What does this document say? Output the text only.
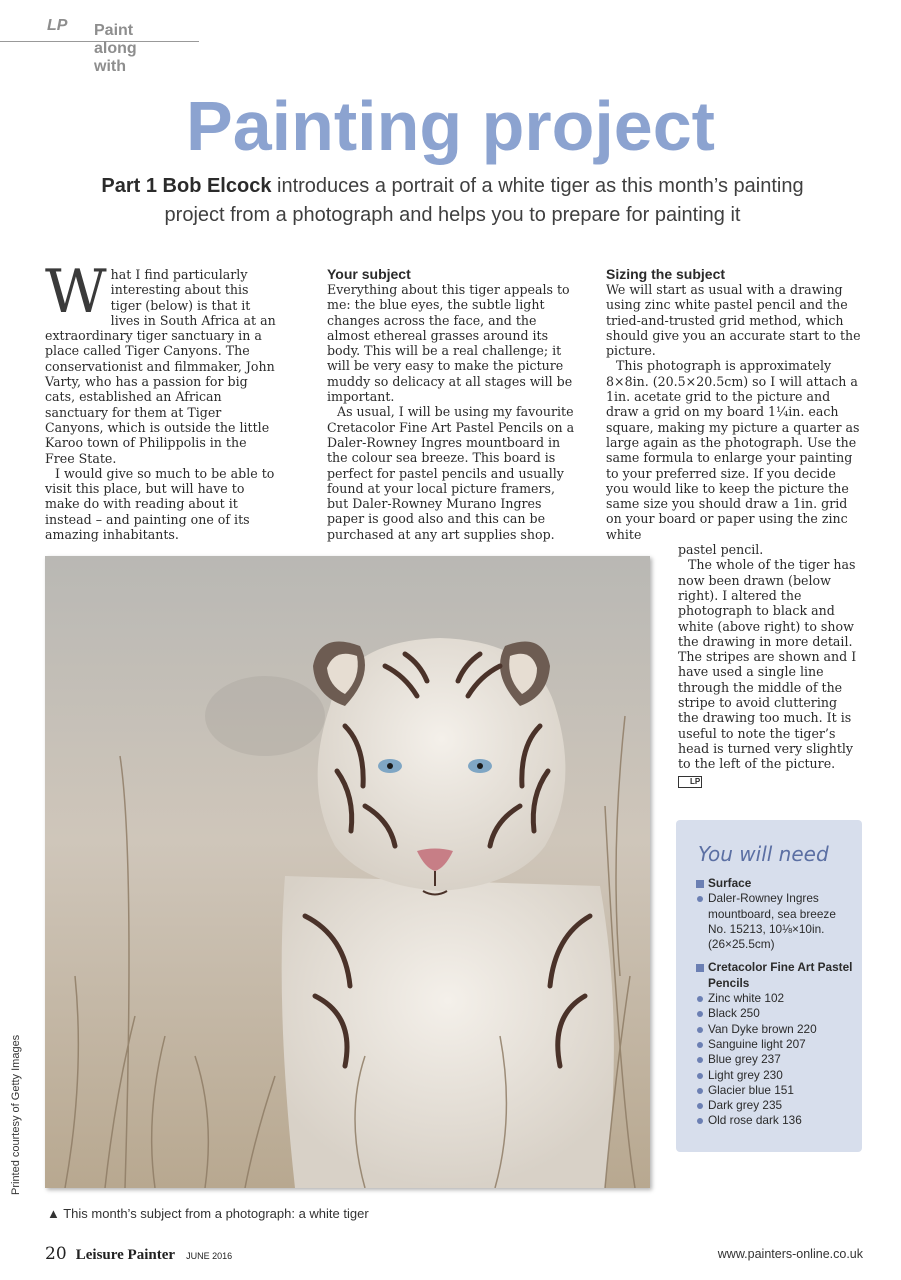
Paint along with
LP
Painting project
Part 1 Bob Elcock introduces a portrait of a white tiger as this month’s painting project from a photograph and helps you to prepare for painting it

What I find particularly interesting about this tiger (below) is that it lives in South Africa at an extraordinary tiger sanctuary in a place called Tiger Canyons. The conservationist and filmmaker, John Varty, who has a passion for big cats, established an African sanctuary for them at Tiger Canyons, which is outside the little Karoo town of Philippolis in the Free State.

I would give so much to be able to visit this place, but will have to make do with reading about it instead – and painting one of its amazing inhabitants.

Your subject

Everything about this tiger appeals to me: the blue eyes, the subtle light changes across the face, and the almost ethereal grasses around its body. This will be a real challenge; it will be very easy to make the picture muddy so delicacy at all stages will be important.

As usual, I will be using my favourite Cretacolor Fine Art Pastel Pencils on a Daler-Rowney Ingres mountboard in the colour sea breeze. This board is perfect for pastel pencils and usually found at your local picture framers, but Daler-Rowney Murano Ingres paper is good also and this can be purchased at any art supplies shop.

Sizing the subject

We will start as usual with a drawing using zinc white pastel pencil and the tried-and-trusted grid method, which should give you an accurate start to the picture.

This photograph is approximately 8×8in. (20.5×20.5cm) so I will attach a 1in. acetate grid to the picture and draw a grid on my board 1¼in. each square, making my picture a quarter as large again as the photograph. Use the same formula to enlarge your painting to your preferred size. If you decide you would like to keep the picture the same size you should draw a 1in. grid on your board or paper using the zinc white

pastel pencil.

The whole of the tiger has now been drawn (below right). I altered the photograph to black and white (above right) to show the drawing in more detail. The stripes are shown and I have used a single line through the middle of the stripe to avoid cluttering the drawing too much. It is useful to note the tiger’s head is turned very slightly to the left of the picture. LP

Printed courtesy of Getty Images
▲ This month’s subject from a photograph: a white tiger
You will need
Surface
Daler-Rowney Ingres mountboard, sea breeze No. 15213, 10⅛×10in. (26×25.5cm)
Cretacolor Fine Art Pastel Pencils
Zinc white 102
Black 250
Van Dyke brown 220
Sanguine light 207
Blue grey 237
Light grey 230
Glacier blue 151
Dark grey 235
Old rose dark 136
20 Leisure Painter JUNE 2016	www.painters-online.co.uk
